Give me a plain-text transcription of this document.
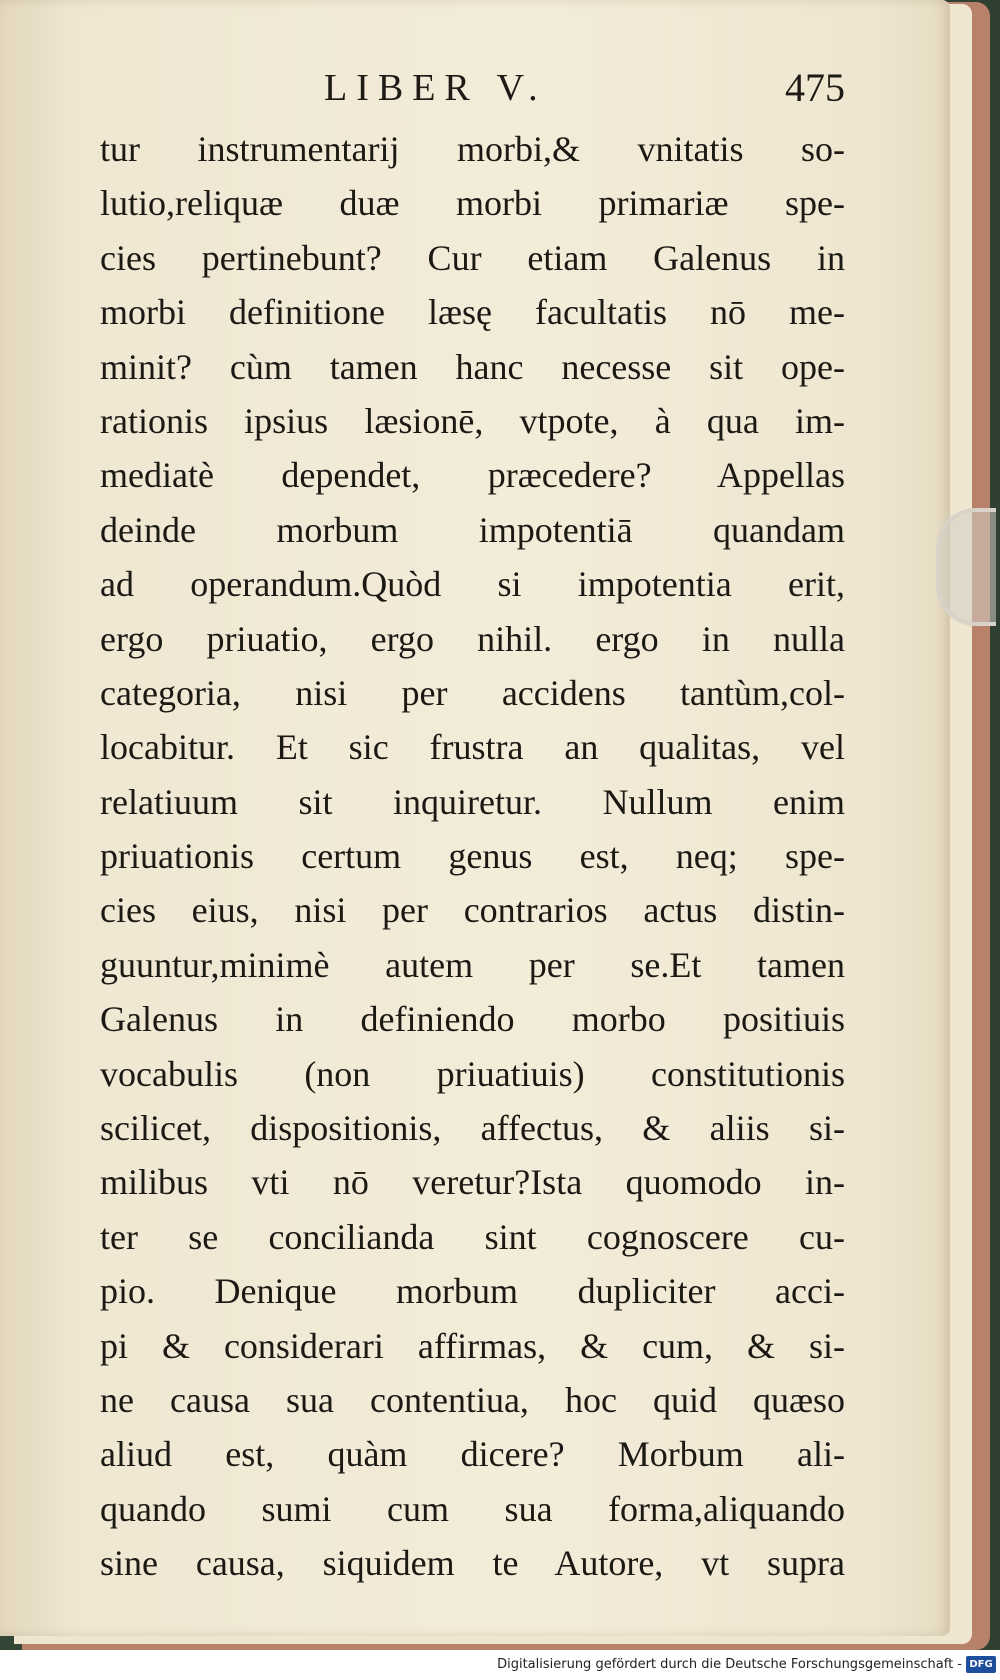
LIBER V.	475
tur instrumentarij morbi,& vnitatis so-
lutio,reliquæ duæ morbi primariæ spe-
cies pertinebunt? Cur etiam Galenus in
morbi definitione læsę facultatis nō me-
minit? cùm tamen hanc necesse sit ope-
rationis ipsius læsionē, vtpote, à qua im-
mediatè dependet, præcedere? Appellas
deinde morbum impotentiā quandam
ad operandum.Quòd si impotentia erit,
ergo priuatio, ergo nihil. ergo in nulla
categoria, nisi per accidens tantùm,col-
locabitur. Et sic frustra an qualitas, vel
relatiuum sit inquiretur. Nullum enim
priuationis certum genus est, neq; spe-
cies eius, nisi per contrarios actus distin-
guuntur,minimè autem per se.Et tamen
Galenus in definiendo morbo positiuis
vocabulis (non priuatiuis) constitutionis
scilicet, dispositionis, affectus, & aliis si-
milibus vti nō veretur?Ista quomodo in-
ter se concilianda sint cognoscere cu-
pio. Denique morbum dupliciter acci-
pi & considerari affirmas, & cum, & si-
ne causa sua contentiua, hoc quid quæso
aliud est, quàm dicere? Morbum ali-
quando sumi cum sua forma,aliquando
sine causa, siquidem te Autore, vt supra
Digitalisierung gefördert durch die Deutsche Forschungsgemeinschaft - DFG
